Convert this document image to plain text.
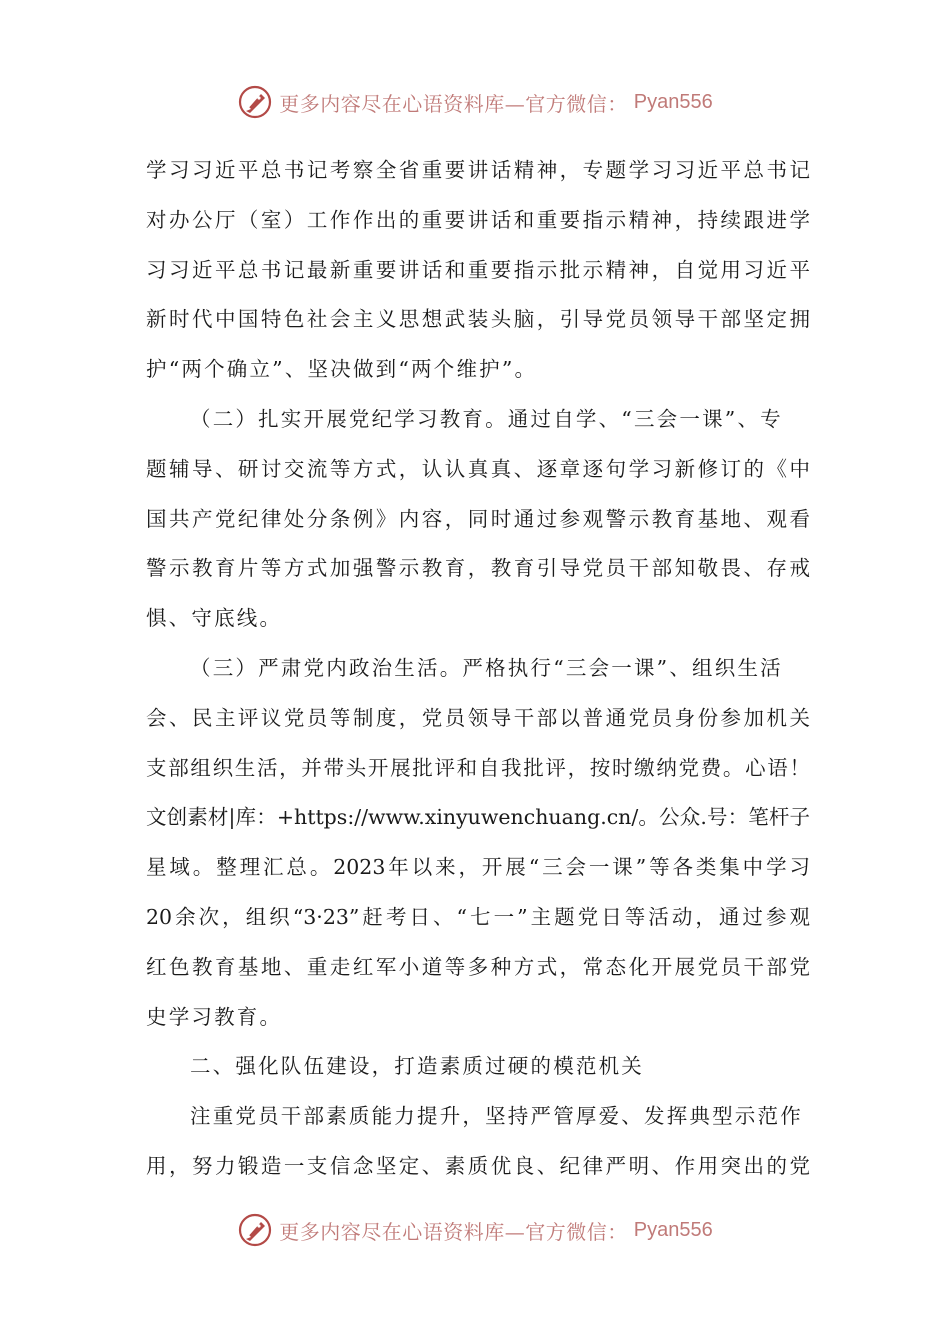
更多内容尽在心语资料库—官方微信： Pyan556
学习习近平总书记考察全省重要讲话精神，专题学习习近平总书记
对办公厅（室）工作作出的重要讲话和重要指示精神，持续跟进学
习习近平总书记最新重要讲话和重要指示批示精神，自觉用习近平
新时代中国特色社会主义思想武装头脑，引导党员领导干部坚定拥
护“两个确立”、坚决做到“两个维护”。
（二）扎实开展党纪学习教育。通过自学、“三会一课”、专
题辅导、研讨交流等方式，认认真真、逐章逐句学习新修订的《中
国共产党纪律处分条例》内容，同时通过参观警示教育基地、观看
警示教育片等方式加强警示教育，教育引导党员干部知敬畏、存戒
惧、守底线。
（三）严肃党内政治生活。严格执行“三会一课”、组织生活
会、民主评议党员等制度，党员领导干部以普通党员身份参加机关
支部组织生活，并带头开展批评和自我批评，按时缴纳党费。心语！
文创素材|库：+https://www.xinyuwenchuang.cn/。公众.号：笔杆子
星域。整理汇总。2023年以来，开展“三会一课”等各类集中学习
20余次，组织“3·23”赶考日、“七一”主题党日等活动，通过参观
红色教育基地、重走红军小道等多种方式，常态化开展党员干部党
史学习教育。
二、强化队伍建设，打造素质过硬的模范机关
注重党员干部素质能力提升，坚持严管厚爱、发挥典型示范作
用，努力锻造一支信念坚定、素质优良、纪律严明、作用突出的党
更多内容尽在心语资料库—官方微信： Pyan556
